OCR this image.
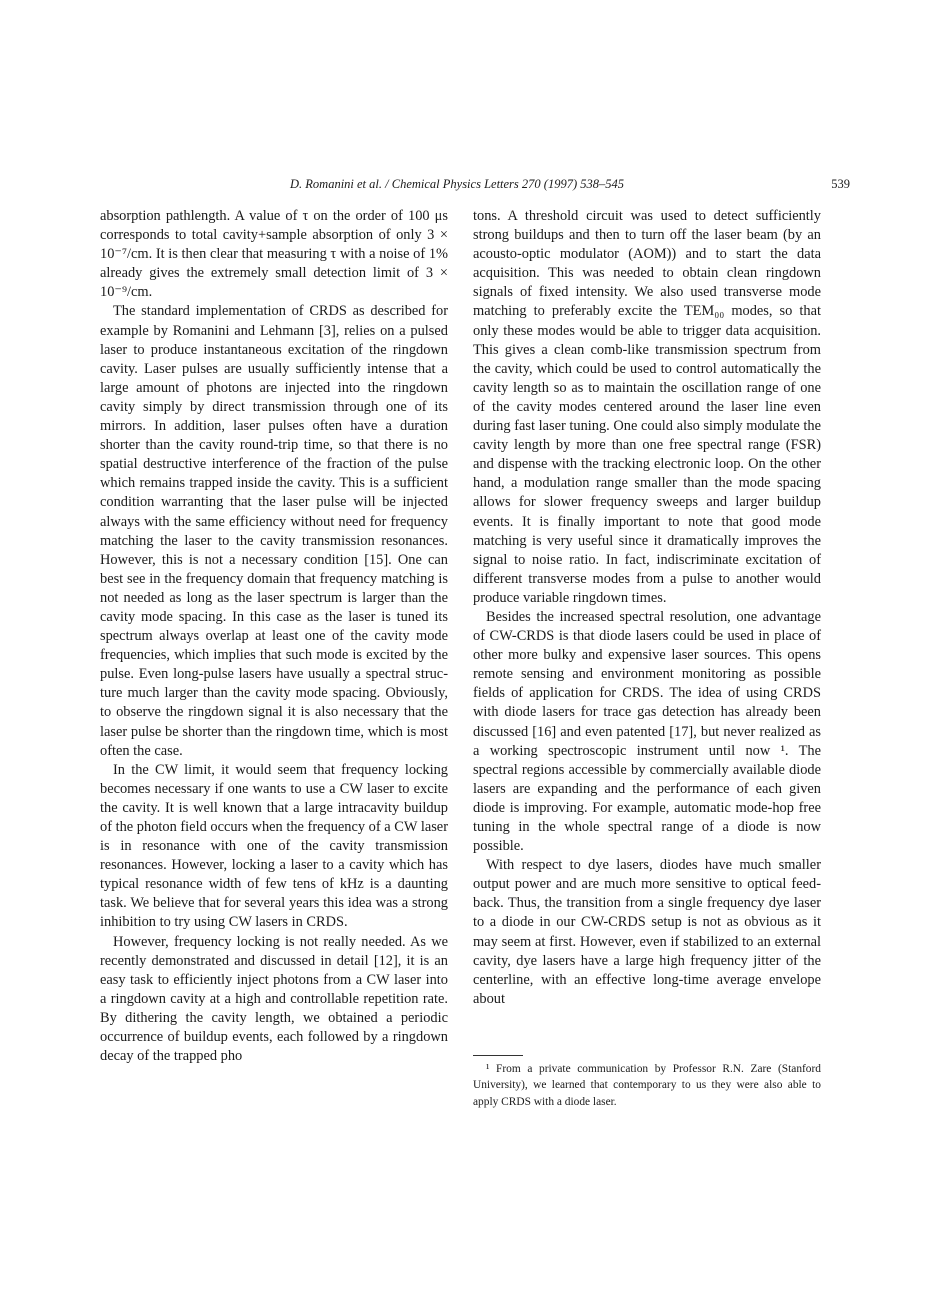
D. Romanini et al. / Chemical Physics Letters 270 (1997) 538–545	539

absorption pathlength. A value of τ on the order of 100 μs corresponds to total cavity+sample absorption of only 3 × 10⁻⁷/cm. It is then clear that measuring τ with a noise of 1% already gives the extremely small detection limit of 3 × 10⁻⁹/cm.

The standard implementation of CRDS as described for example by Romanini and Lehmann [3], relies on a pulsed laser to produce instantaneous excitation of the ringdown cavity. Laser pulses are usually sufficiently intense that a large amount of photons are injected into the ringdown cavity simply by direct transmission through one of its mirrors. In addition, laser pulses often have a duration shorter than the cavity round-trip time, so that there is no spatial destructive interference of the fraction of the pulse which remains trapped inside the cavity. This is a sufficient condition warranting that the laser pulse will be injected always with the same efficiency without need for frequency matching the laser to the cavity transmission resonances. However, this is not a necessary condition [15]. One can best see in the frequency domain that frequency matching is not needed as long as the laser spectrum is larger than the cavity mode spacing. In this case as the laser is tuned its spectrum always overlap at least one of the cavity mode frequencies, which implies that such mode is excited by the pulse. Even long-pulse lasers have usually a spectral structure much larger than the cavity mode spacing. Obviously, to observe the ringdown signal it is also necessary that the laser pulse be shorter than the ringdown time, which is most often the case.

In the CW limit, it would seem that frequency locking becomes necessary if one wants to use a CW laser to excite the cavity. It is well known that a large intracavity buildup of the photon field occurs when the frequency of a CW laser is in resonance with one of the cavity transmission resonances. However, locking a laser to a cavity which has typical resonance width of few tens of kHz is a daunting task. We believe that for several years this idea was a strong inhibition to try using CW lasers in CRDS.

However, frequency locking is not really needed. As we recently demonstrated and discussed in detail [12], it is an easy task to efficiently inject photons from a CW laser into a ringdown cavity at a high and controllable repetition rate. By dithering the cavity length, we obtained a periodic occurrence of buildup events, each followed by a ringdown decay of the trapped pho

tons. A threshold circuit was used to detect sufficiently strong buildups and then to turn off the laser beam (by an acousto-optic modulator (AOM)) and to start the data acquisition. This was needed to obtain clean ringdown signals of fixed intensity. We also used transverse mode matching to preferably excite the TEM₀₀ modes, so that only these modes would be able to trigger data acquisition. This gives a clean comb-like transmission spectrum from the cavity, which could be used to control automatically the cavity length so as to maintain the oscillation range of one of the cavity modes centered around the laser line even during fast laser tuning. One could also simply modulate the cavity length by more than one free spectral range (FSR) and dispense with the tracking electronic loop. On the other hand, a modulation range smaller than the mode spacing allows for slower frequency sweeps and larger buildup events. It is finally important to note that good mode matching is very useful since it dramatically improves the signal to noise ratio. In fact, indiscriminate excitation of different transverse modes from a pulse to another would produce variable ringdown times.

Besides the increased spectral resolution, one advantage of CW-CRDS is that diode lasers could be used in place of other more bulky and expensive laser sources. This opens remote sensing and environment monitoring as possible fields of application for CRDS. The idea of using CRDS with diode lasers for trace gas detection has already been discussed [16] and even patented [17], but never realized as a working spectroscopic instrument until now ¹. The spectral regions accessible by commercially available diode lasers are expanding and the performance of each given diode is improving. For example, automatic mode-hop free tuning in the whole spectral range of a diode is now possible.

With respect to dye lasers, diodes have much smaller output power and are much more sensitive to optical feed-back. Thus, the transition from a single frequency dye laser to a diode in our CW-CRDS setup is not as obvious as it may seem at first. However, even if stabilized to an external cavity, dye lasers have a large high frequency jitter of the centerline, with an effective long-time average envelope about

¹ From a private communication by Professor R.N. Zare (Stanford University), we learned that contemporary to us they were also able to apply CRDS with a diode laser.
